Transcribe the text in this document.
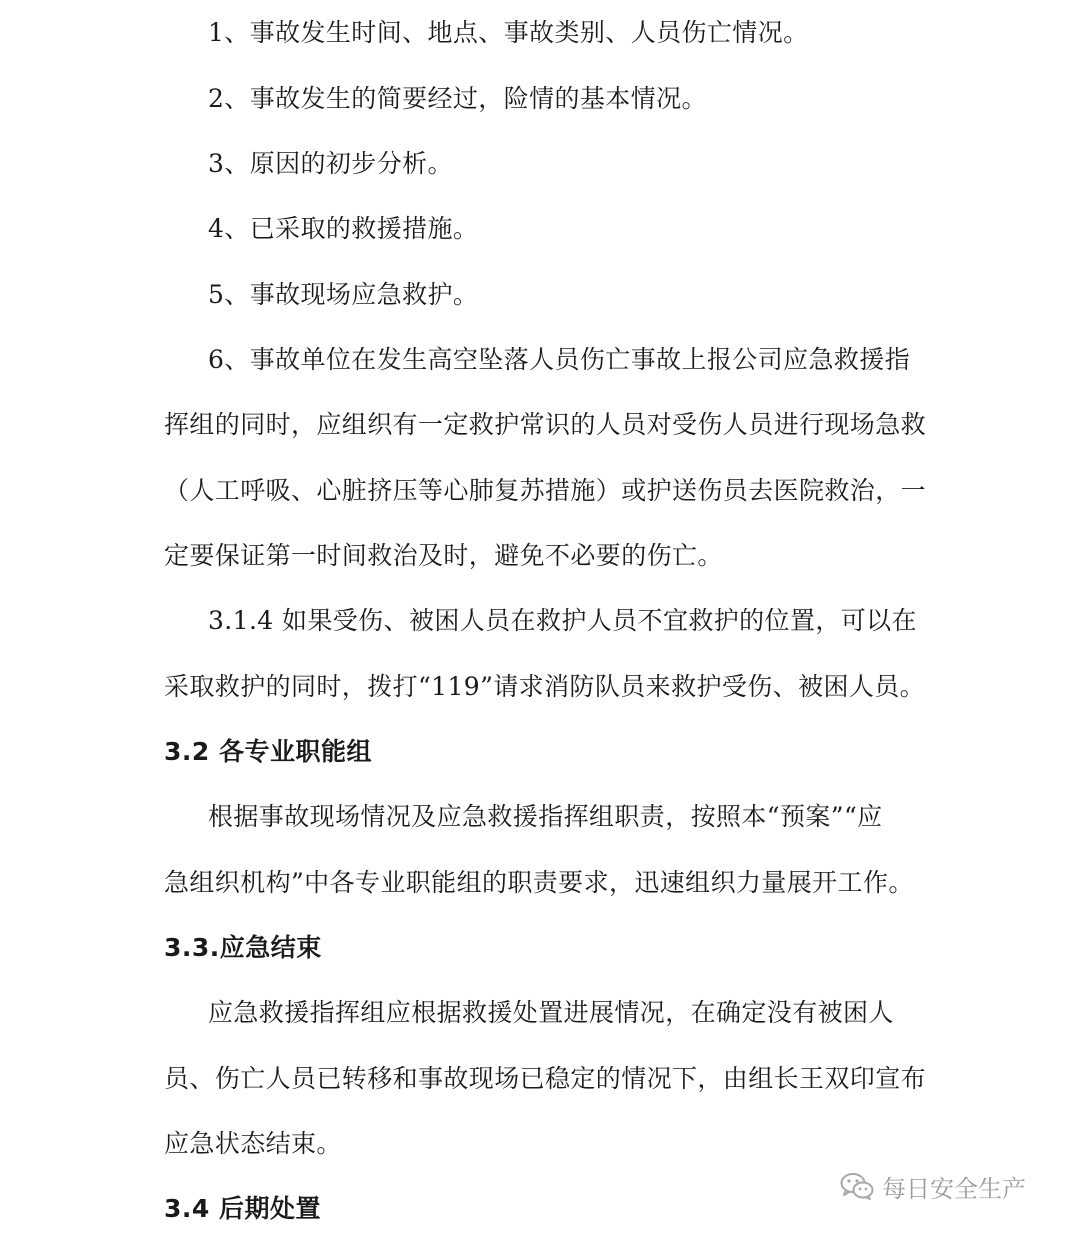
1、事故发生时间、地点、事故类别、人员伤亡情况。
2、事故发生的简要经过，险情的基本情况。
3、原因的初步分析。
4、已采取的救援措施。
5、事故现场应急救护。
6、事故单位在发生高空坠落人员伤亡事故上报公司应急救援指
挥组的同时，应组织有一定救护常识的人员对受伤人员进行现场急救
（人工呼吸、心脏挤压等心肺复苏措施）或护送伤员去医院救治，一
定要保证第一时间救治及时，避免不必要的伤亡。
3.1.4 如果受伤、被困人员在救护人员不宜救护的位置，可以在
采取救护的同时，拨打“119”请求消防队员来救护受伤、被困人员。
3.2 各专业职能组
根据事故现场情况及应急救援指挥组职责，按照本“预案”“应
急组织机构”中各专业职能组的职责要求，迅速组织力量展开工作。
3.3.应急结束
应急救援指挥组应根据救援处置进展情况，在确定没有被困人
员、伤亡人员已转移和事故现场已稳定的情况下，由组长王双印宣布
应急状态结束。
3.4 后期处置
每日安全生产
